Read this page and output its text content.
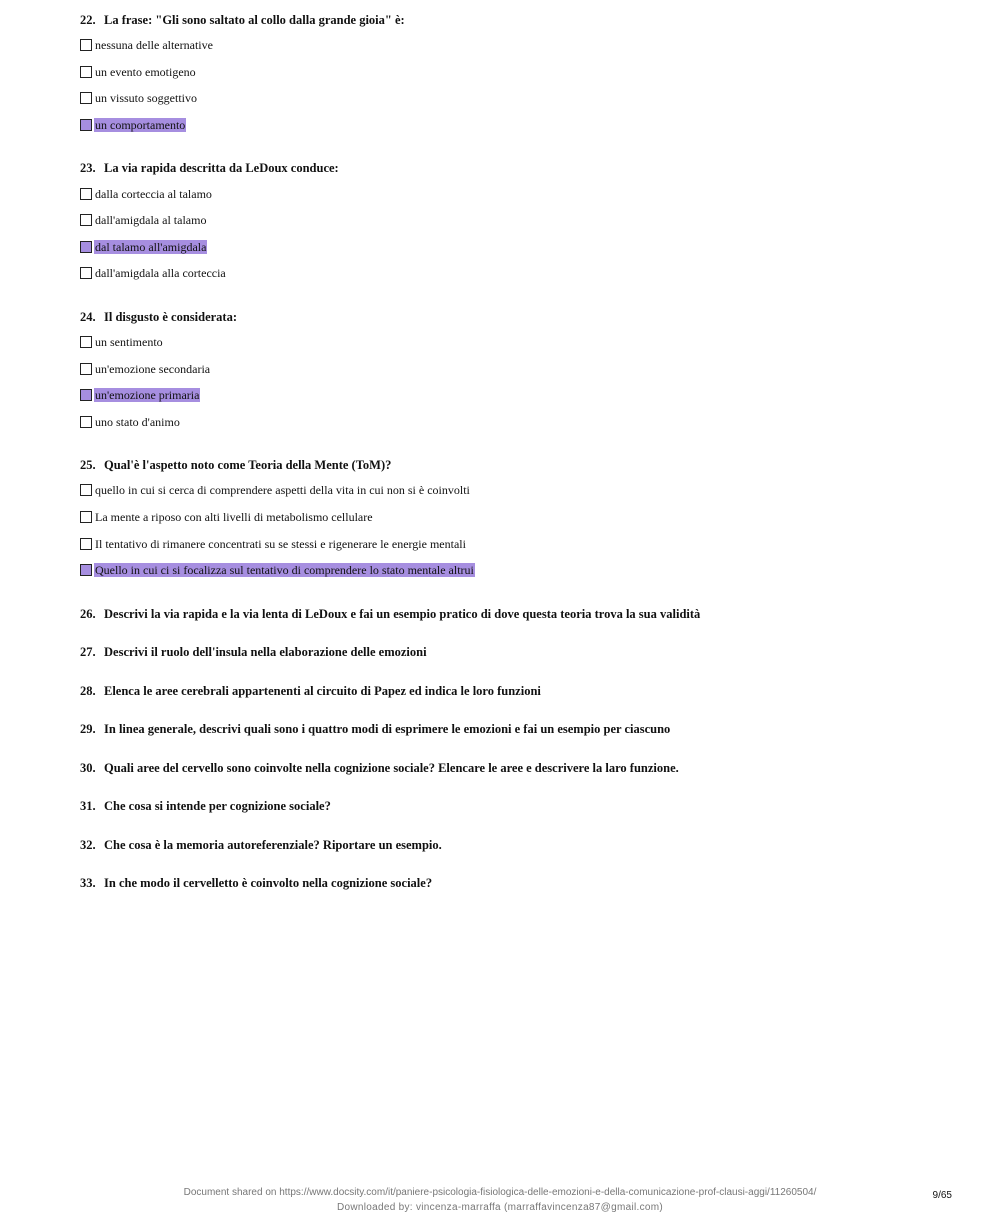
22. La frase: "Gli sono saltato al collo dalla grande gioia" è:
nessuna delle alternative
un evento emotigeno
un vissuto soggettivo
un comportamento
23. La via rapida descritta da LeDoux conduce:
dalla corteccia al talamo
dall'amigdala al talamo
dal talamo all'amigdala
dall'amigdala alla corteccia
24. Il disgusto è considerata:
un sentimento
un'emozione secondaria
un'emozione primaria
uno stato d'animo
25. Qual'è l'aspetto noto come Teoria della Mente (ToM)?
quello in cui si cerca di comprendere aspetti della vita in cui non si è coinvolti
La mente a riposo con alti livelli di metabolismo cellulare
Il tentativo di rimanere concentrati su se stessi e rigenerare le energie mentali
Quello in cui ci si focalizza sul tentativo di comprendere lo stato mentale altrui
26. Descrivi la via rapida e la via lenta di LeDoux e fai un esempio pratico di dove questa teoria trova la sua validità
27. Descrivi il ruolo dell'insula nella elaborazione delle emozioni
28. Elenca le aree cerebrali appartenenti al circuito di Papez ed indica le loro funzioni
29. In linea generale, descrivi quali sono i quattro modi di esprimere le emozioni e fai un esempio per ciascuno
30. Quali aree del cervello sono coinvolte nella cognizione sociale? Elencare le aree e descrivere la laro funzione.
31. Che cosa si intende per cognizione sociale?
32. Che cosa è la memoria autoreferenziale? Riportare un esempio.
33. In che modo il cervelletto è coinvolto nella cognizione sociale?
Document shared on https://www.docsity.com/it/paniere-psicologia-fisiologica-delle-emozioni-e-della-comunicazione-prof-clausi-aggi/11260504/
Downloaded by: vincenza-marraffa (marraffavincenza87@gmail.com)
9/65
